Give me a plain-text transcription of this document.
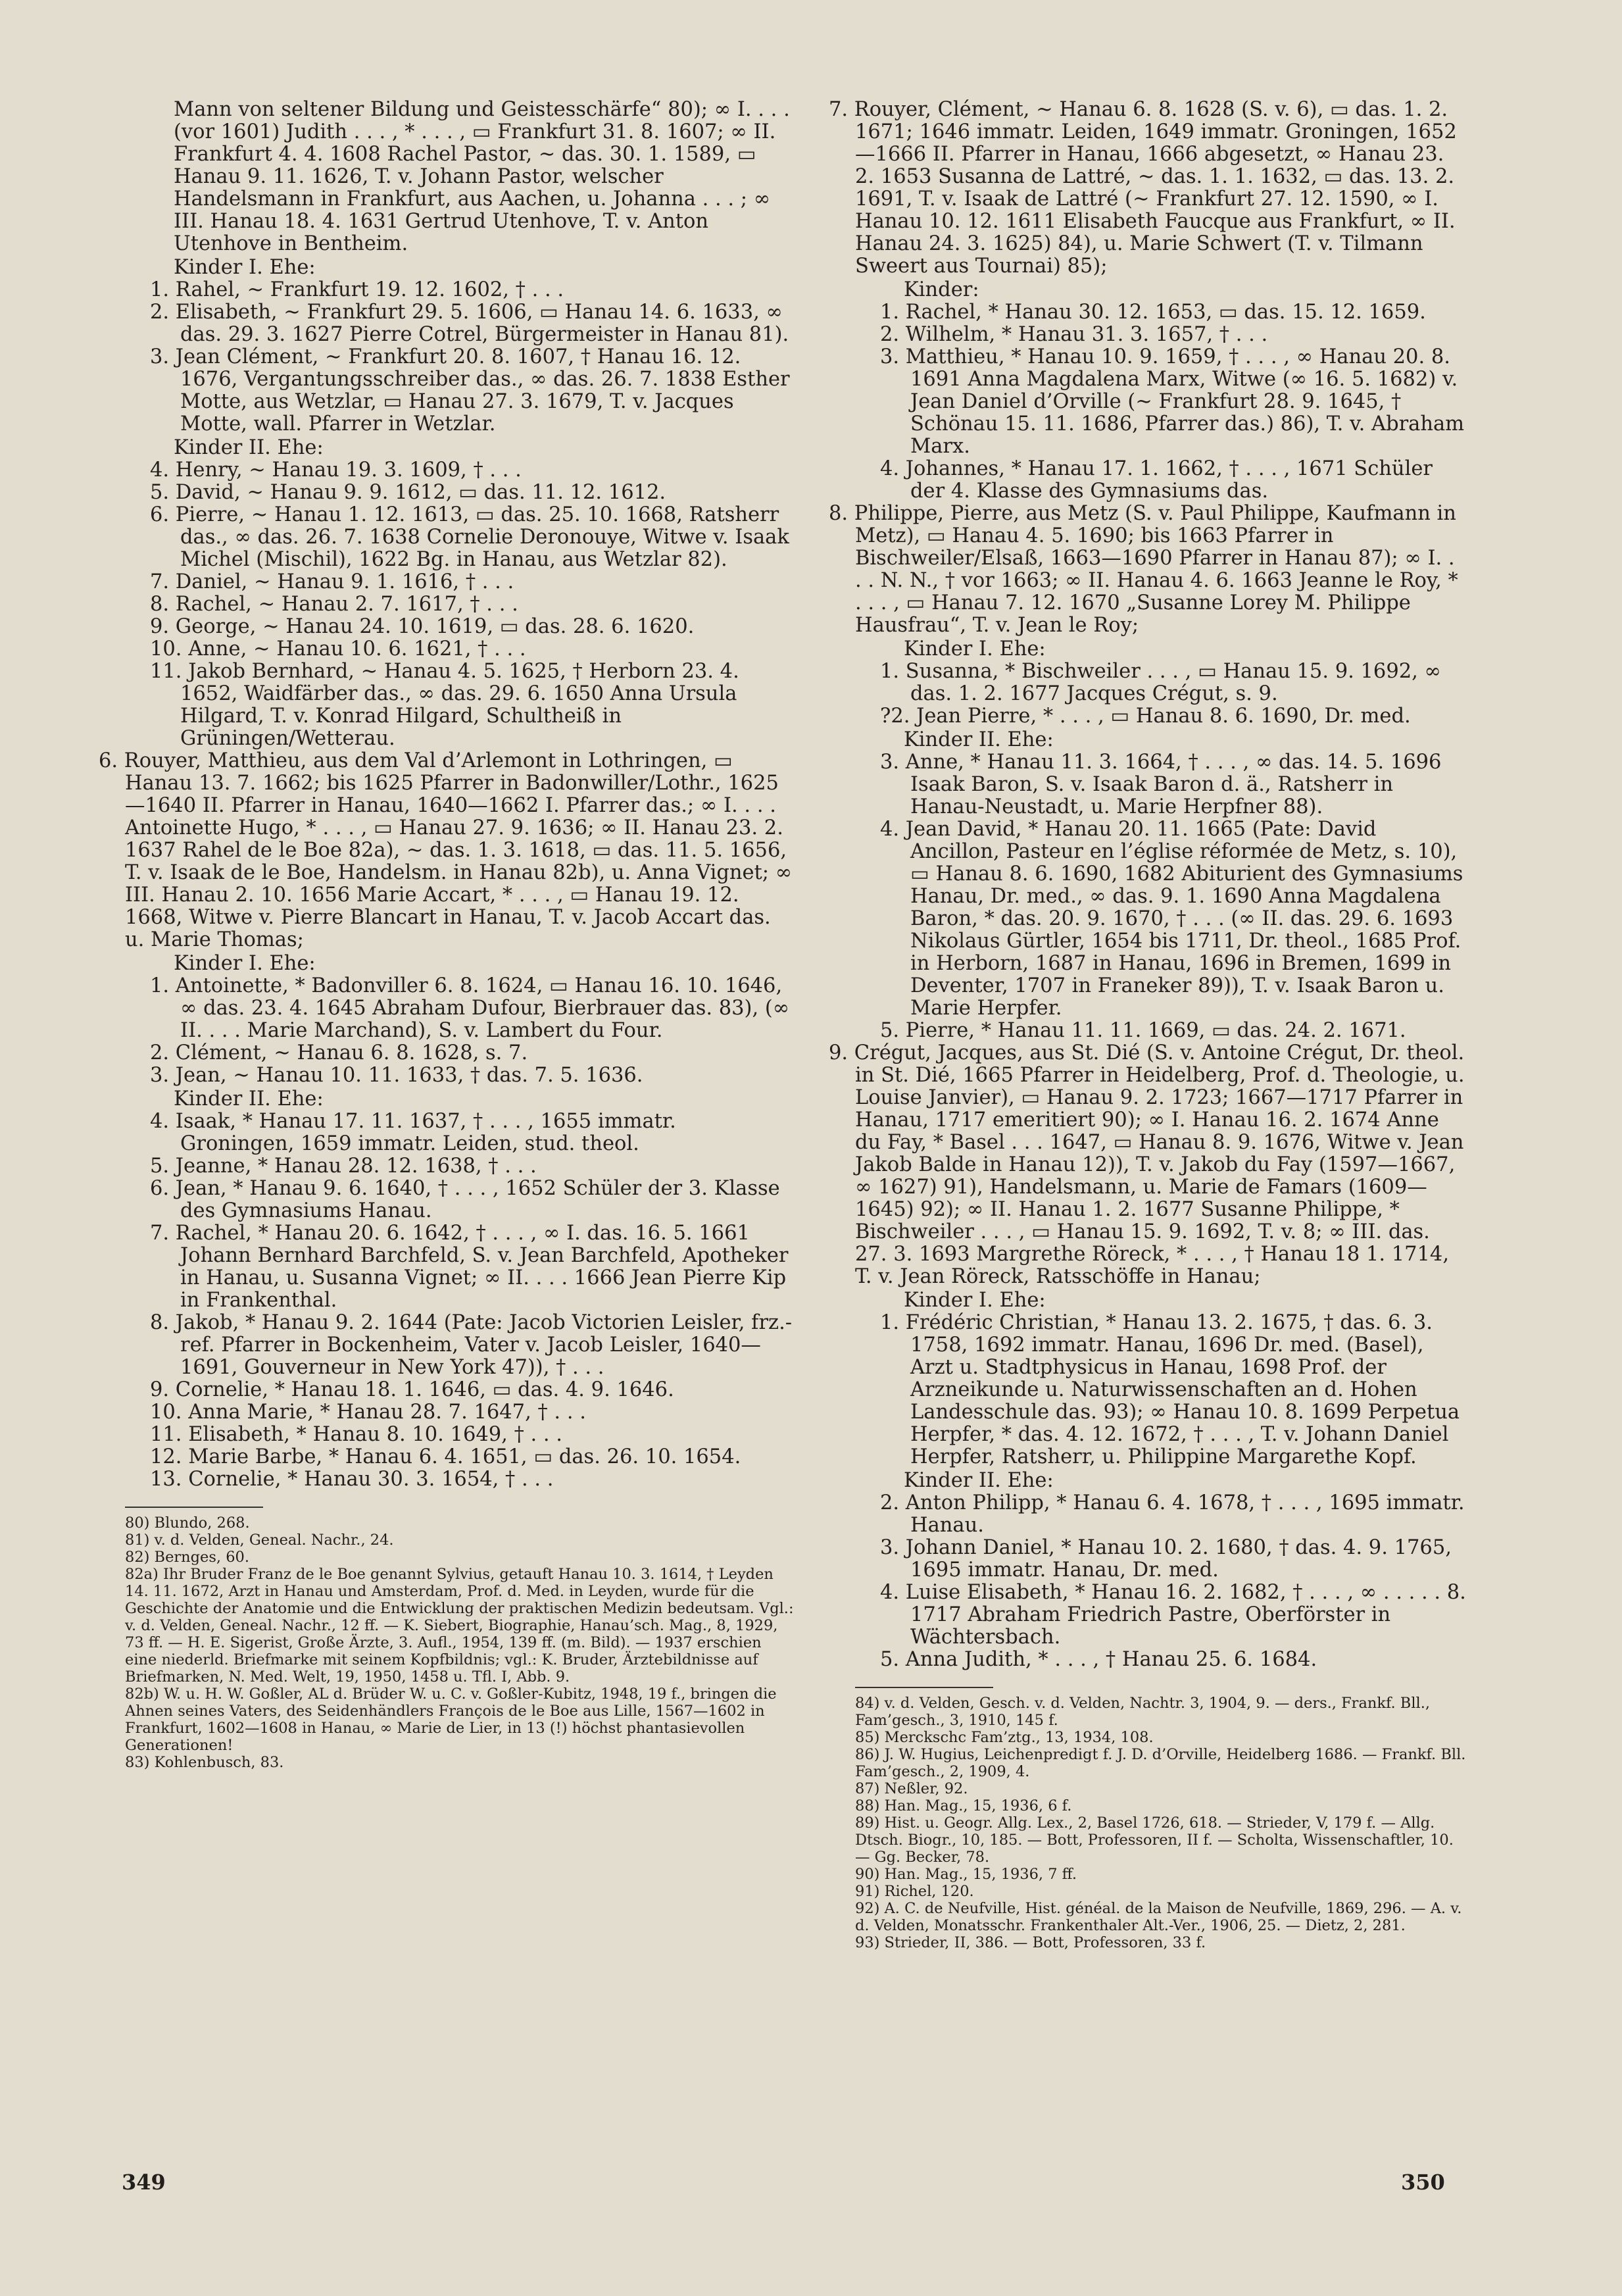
Mann von seltener Bildung und Geistesschärfe“ 80); ∞ I. . . . (vor 1601) Judith . . . , * . . . , ▭ Frankfurt 31. 8. 1607; ∞ II. Frankfurt 4. 4. 1608 Rachel Pastor, ∼ das. 30. 1. 1589, ▭ Hanau 9. 11. 1626, T. v. Johann Pastor, welscher Handelsmann in Frankfurt, aus Aachen, u. Johanna . . . ; ∞ III. Hanau 18. 4. 1631 Gertrud Utenhove, T. v. Anton Utenhove in Bentheim.

Kinder I. Ehe:

1. Rahel, ∼ Frankfurt 19. 12. 1602, † . . .

2. Elisabeth, ∼ Frankfurt 29. 5. 1606, ▭ Hanau 14. 6. 1633, ∞ das. 29. 3. 1627 Pierre Cotrel, Bürgermeister in Hanau 81).

3. Jean Clément, ∼ Frankfurt 20. 8. 1607, † Hanau 16. 12. 1676, Vergantungsschreiber das., ∞ das. 26. 7. 1838 Esther Motte, aus Wetzlar, ▭ Hanau 27. 3. 1679, T. v. Jacques Motte, wall. Pfarrer in Wetzlar.

Kinder II. Ehe:

4. Henry, ∼ Hanau 19. 3. 1609, † . . .

5. David, ∼ Hanau 9. 9. 1612, ▭ das. 11. 12. 1612.

6. Pierre, ∼ Hanau 1. 12. 1613, ▭ das. 25. 10. 1668, Ratsherr das., ∞ das. 26. 7. 1638 Cornelie Deronouye, Witwe v. Isaak Michel (Mischil), 1622 Bg. in Hanau, aus Wetzlar 82).

7. Daniel, ∼ Hanau 9. 1. 1616, † . . .

8. Rachel, ∼ Hanau 2. 7. 1617, † . . .

9. George, ∼ Hanau 24. 10. 1619, ▭ das. 28. 6. 1620.

10. Anne, ∼ Hanau 10. 6. 1621, † . . .

11. Jakob Bernhard, ∼ Hanau 4. 5. 1625, † Herborn 23. 4. 1652, Waidfärber das., ∞ das. 29. 6. 1650 Anna Ursula Hilgard, T. v. Konrad Hilgard, Schultheiß in Grüningen/Wetterau.

6. Rouyer, Matthieu, aus dem Val d’Arlemont in Lothringen, ▭ Hanau 13. 7. 1662; bis 1625 Pfarrer in Badonwiller/Lothr., 1625—1640 II. Pfarrer in Hanau, 1640—1662 I. Pfarrer das.; ∞ I. . . . Antoinette Hugo, * . . . , ▭ Hanau 27. 9. 1636; ∞ II. Hanau 23. 2. 1637 Rahel de le Boe 82a), ∼ das. 1. 3. 1618, ▭ das. 11. 5. 1656, T. v. Isaak de le Boe, Handelsm. in Hanau 82b), u. Anna Vignet; ∞ III. Hanau 2. 10. 1656 Marie Accart, * . . . , ▭ Hanau 19. 12. 1668, Witwe v. Pierre Blancart in Hanau, T. v. Jacob Accart das. u. Marie Thomas;

Kinder I. Ehe:

1. Antoinette, * Badonviller 6. 8. 1624, ▭ Hanau 16. 10. 1646, ∞ das. 23. 4. 1645 Abraham Dufour, Bierbrauer das. 83), (∞ II. . . . Marie Marchand), S. v. Lambert du Four.

2. Clément, ∼ Hanau 6. 8. 1628, s. 7.

3. Jean, ∼ Hanau 10. 11. 1633, † das. 7. 5. 1636.

Kinder II. Ehe:

4. Isaak, * Hanau 17. 11. 1637, † . . . , 1655 immatr. Groningen, 1659 immatr. Leiden, stud. theol.

5. Jeanne, * Hanau 28. 12. 1638, † . . .

6. Jean, * Hanau 9. 6. 1640, † . . . , 1652 Schüler der 3. Klasse des Gymnasiums Hanau.

7. Rachel, * Hanau 20. 6. 1642, † . . . , ∞ I. das. 16. 5. 1661 Johann Bernhard Barchfeld, S. v. Jean Barchfeld, Apotheker in Hanau, u. Susanna Vignet; ∞ II. . . . 1666 Jean Pierre Kip in Frankenthal.

8. Jakob, * Hanau 9. 2. 1644 (Pate: Jacob Victorien Leisler, frz.-ref. Pfarrer in Bockenheim, Vater v. Jacob Leisler, 1640—1691, Gouverneur in New York 47)), † . . .

9. Cornelie, * Hanau 18. 1. 1646, ▭ das. 4. 9. 1646.

10. Anna Marie, * Hanau 28. 7. 1647, † . . .

11. Elisabeth, * Hanau 8. 10. 1649, † . . .

12. Marie Barbe, * Hanau 6. 4. 1651, ▭ das. 26. 10. 1654.

13. Cornelie, * Hanau 30. 3. 1654, † . . .

80) Blundo, 268.

81) v. d. Velden, Geneal. Nachr., 24.

82) Bernges, 60.

82a) Ihr Bruder Franz de le Boe genannt Sylvius, getauft Hanau 10. 3. 1614, † Leyden 14. 11. 1672, Arzt in Hanau und Amsterdam, Prof. d. Med. in Leyden, wurde für die Geschichte der Anatomie und die Entwicklung der praktischen Medizin bedeutsam. Vgl.: v. d. Velden, Geneal. Nachr., 12 ff. — K. Siebert, Biographie, Hanau’sch. Mag., 8, 1929, 73 ff. — H. E. Sigerist, Große Ärzte, 3. Aufl., 1954, 139 ff. (m. Bild). — 1937 erschien eine niederld. Briefmarke mit seinem Kopfbildnis; vgl.: K. Bruder, Ärztebildnisse auf Briefmarken, N. Med. Welt, 19, 1950, 1458 u. Tfl. I, Abb. 9.

82b) W. u. H. W. Goßler, AL d. Brüder W. u. C. v. Goßler-Kubitz, 1948, 19 f., bringen die Ahnen seines Vaters, des Seidenhändlers François de le Boe aus Lille, 1567—1602 in Frankfurt, 1602—1608 in Hanau, ∞ Marie de Lier, in 13 (!) höchst phantasievollen Generationen!

83) Kohlenbusch, 83.

7. Rouyer, Clément, ∼ Hanau 6. 8. 1628 (S. v. 6), ▭ das. 1. 2. 1671; 1646 immatr. Leiden, 1649 immatr. Groningen, 1652—1666 II. Pfarrer in Hanau, 1666 abgesetzt, ∞ Hanau 23. 2. 1653 Susanna de Lattré, ∼ das. 1. 1. 1632, ▭ das. 13. 2. 1691, T. v. Isaak de Lattré (∼ Frankfurt 27. 12. 1590, ∞ I. Hanau 10. 12. 1611 Elisabeth Faucque aus Frankfurt, ∞ II. Hanau 24. 3. 1625) 84), u. Marie Schwert (T. v. Tilmann Sweert aus Tournai) 85);

Kinder:

1. Rachel, * Hanau 30. 12. 1653, ▭ das. 15. 12. 1659.

2. Wilhelm, * Hanau 31. 3. 1657, † . . .

3. Matthieu, * Hanau 10. 9. 1659, † . . . , ∞ Hanau 20. 8. 1691 Anna Magdalena Marx, Witwe (∞ 16. 5. 1682) v. Jean Daniel d’Orville (∼ Frankfurt 28. 9. 1645, † Schönau 15. 11. 1686, Pfarrer das.) 86), T. v. Abraham Marx.

4. Johannes, * Hanau 17. 1. 1662, † . . . , 1671 Schüler der 4. Klasse des Gymnasiums das.

8. Philippe, Pierre, aus Metz (S. v. Paul Philippe, Kaufmann in Metz), ▭ Hanau 4. 5. 1690; bis 1663 Pfarrer in Bischweiler/Elsaß, 1663—1690 Pfarrer in Hanau 87); ∞ I. . . . N. N., † vor 1663; ∞ II. Hanau 4. 6. 1663 Jeanne le Roy, * . . . , ▭ Hanau 7. 12. 1670 „Susanne Lorey M. Philippe Hausfrau“, T. v. Jean le Roy;

Kinder I. Ehe:

1. Susanna, * Bischweiler . . . , ▭ Hanau 15. 9. 1692, ∞ das. 1. 2. 1677 Jacques Crégut, s. 9.

?2. Jean Pierre, * . . . , ▭ Hanau 8. 6. 1690, Dr. med.

Kinder II. Ehe:

3. Anne, * Hanau 11. 3. 1664, † . . . , ∞ das. 14. 5. 1696 Isaak Baron, S. v. Isaak Baron d. ä., Ratsherr in Hanau-Neustadt, u. Marie Herpfner 88).

4. Jean David, * Hanau 20. 11. 1665 (Pate: David Ancillon, Pasteur en l’église réformée de Metz, s. 10), ▭ Hanau 8. 6. 1690, 1682 Abiturient des Gymnasiums Hanau, Dr. med., ∞ das. 9. 1. 1690 Anna Magdalena Baron, * das. 20. 9. 1670, † . . . (∞ II. das. 29. 6. 1693 Nikolaus Gürtler, 1654 bis 1711, Dr. theol., 1685 Prof. in Herborn, 1687 in Hanau, 1696 in Bremen, 1699 in Deventer, 1707 in Franeker 89)), T. v. Isaak Baron u. Marie Herpfer.

5. Pierre, * Hanau 11. 11. 1669, ▭ das. 24. 2. 1671.

9. Crégut, Jacques, aus St. Dié (S. v. Antoine Crégut, Dr. theol. in St. Dié, 1665 Pfarrer in Heidelberg, Prof. d. Theologie, u. Louise Janvier), ▭ Hanau 9. 2. 1723; 1667—1717 Pfarrer in Hanau, 1717 emeritiert 90); ∞ I. Hanau 16. 2. 1674 Anne du Fay, * Basel . . . 1647, ▭ Hanau 8. 9. 1676, Witwe v. Jean Jakob Balde in Hanau 12)), T. v. Jakob du Fay (1597—1667, ∞ 1627) 91), Handelsmann, u. Marie de Famars (1609—1645) 92); ∞ II. Hanau 1. 2. 1677 Susanne Philippe, * Bischweiler . . . , ▭ Hanau 15. 9. 1692, T. v. 8; ∞ III. das. 27. 3. 1693 Margrethe Röreck, * . . . , † Hanau 18 1. 1714, T. v. Jean Röreck, Ratsschöffe in Hanau;

Kinder I. Ehe:

1. Frédéric Christian, * Hanau 13. 2. 1675, † das. 6. 3. 1758, 1692 immatr. Hanau, 1696 Dr. med. (Basel), Arzt u. Stadtphysicus in Hanau, 1698 Prof. der Arzneikunde u. Naturwissenschaften an d. Hohen Landesschule das. 93); ∞ Hanau 10. 8. 1699 Perpetua Herpfer, * das. 4. 12. 1672, † . . . , T. v. Johann Daniel Herpfer, Ratsherr, u. Philippine Margarethe Kopf.

Kinder II. Ehe:

2. Anton Philipp, * Hanau 6. 4. 1678, † . . . , 1695 immatr. Hanau.

3. Johann Daniel, * Hanau 10. 2. 1680, † das. 4. 9. 1765, 1695 immatr. Hanau, Dr. med.

4. Luise Elisabeth, * Hanau 16. 2. 1682, † . . . , ∞ . . . . . 8. 1717 Abraham Friedrich Pastre, Oberförster in Wächtersbach.

5. Anna Judith, * . . . , † Hanau 25. 6. 1684.

84) v. d. Velden, Gesch. v. d. Velden, Nachtr. 3, 1904, 9. — ders., Frankf. Bll., Fam’gesch., 3, 1910, 145 f.

85) Merckschc Fam’ztg., 13, 1934, 108.

86) J. W. Hugius, Leichenpredigt f. J. D. d’Orville, Heidelberg 1686. — Frankf. Bll. Fam’gesch., 2, 1909, 4.

87) Neßler, 92.

88) Han. Mag., 15, 1936, 6 f.

89) Hist. u. Geogr. Allg. Lex., 2, Basel 1726, 618. — Strieder, V, 179 f. — Allg. Dtsch. Biogr., 10, 185. — Bott, Professoren, II f. — Scholta, Wissenschaftler, 10. — Gg. Becker, 78.

90) Han. Mag., 15, 1936, 7 ff.

91) Richel, 120.

92) A. C. de Neufville, Hist. généal. de la Maison de Neufville, 1869, 296. — A. v. d. Velden, Monatsschr. Frankenthaler Alt.-Ver., 1906, 25. — Dietz, 2, 281.

93) Strieder, II, 386. — Bott, Professoren, 33 f.

349	350
